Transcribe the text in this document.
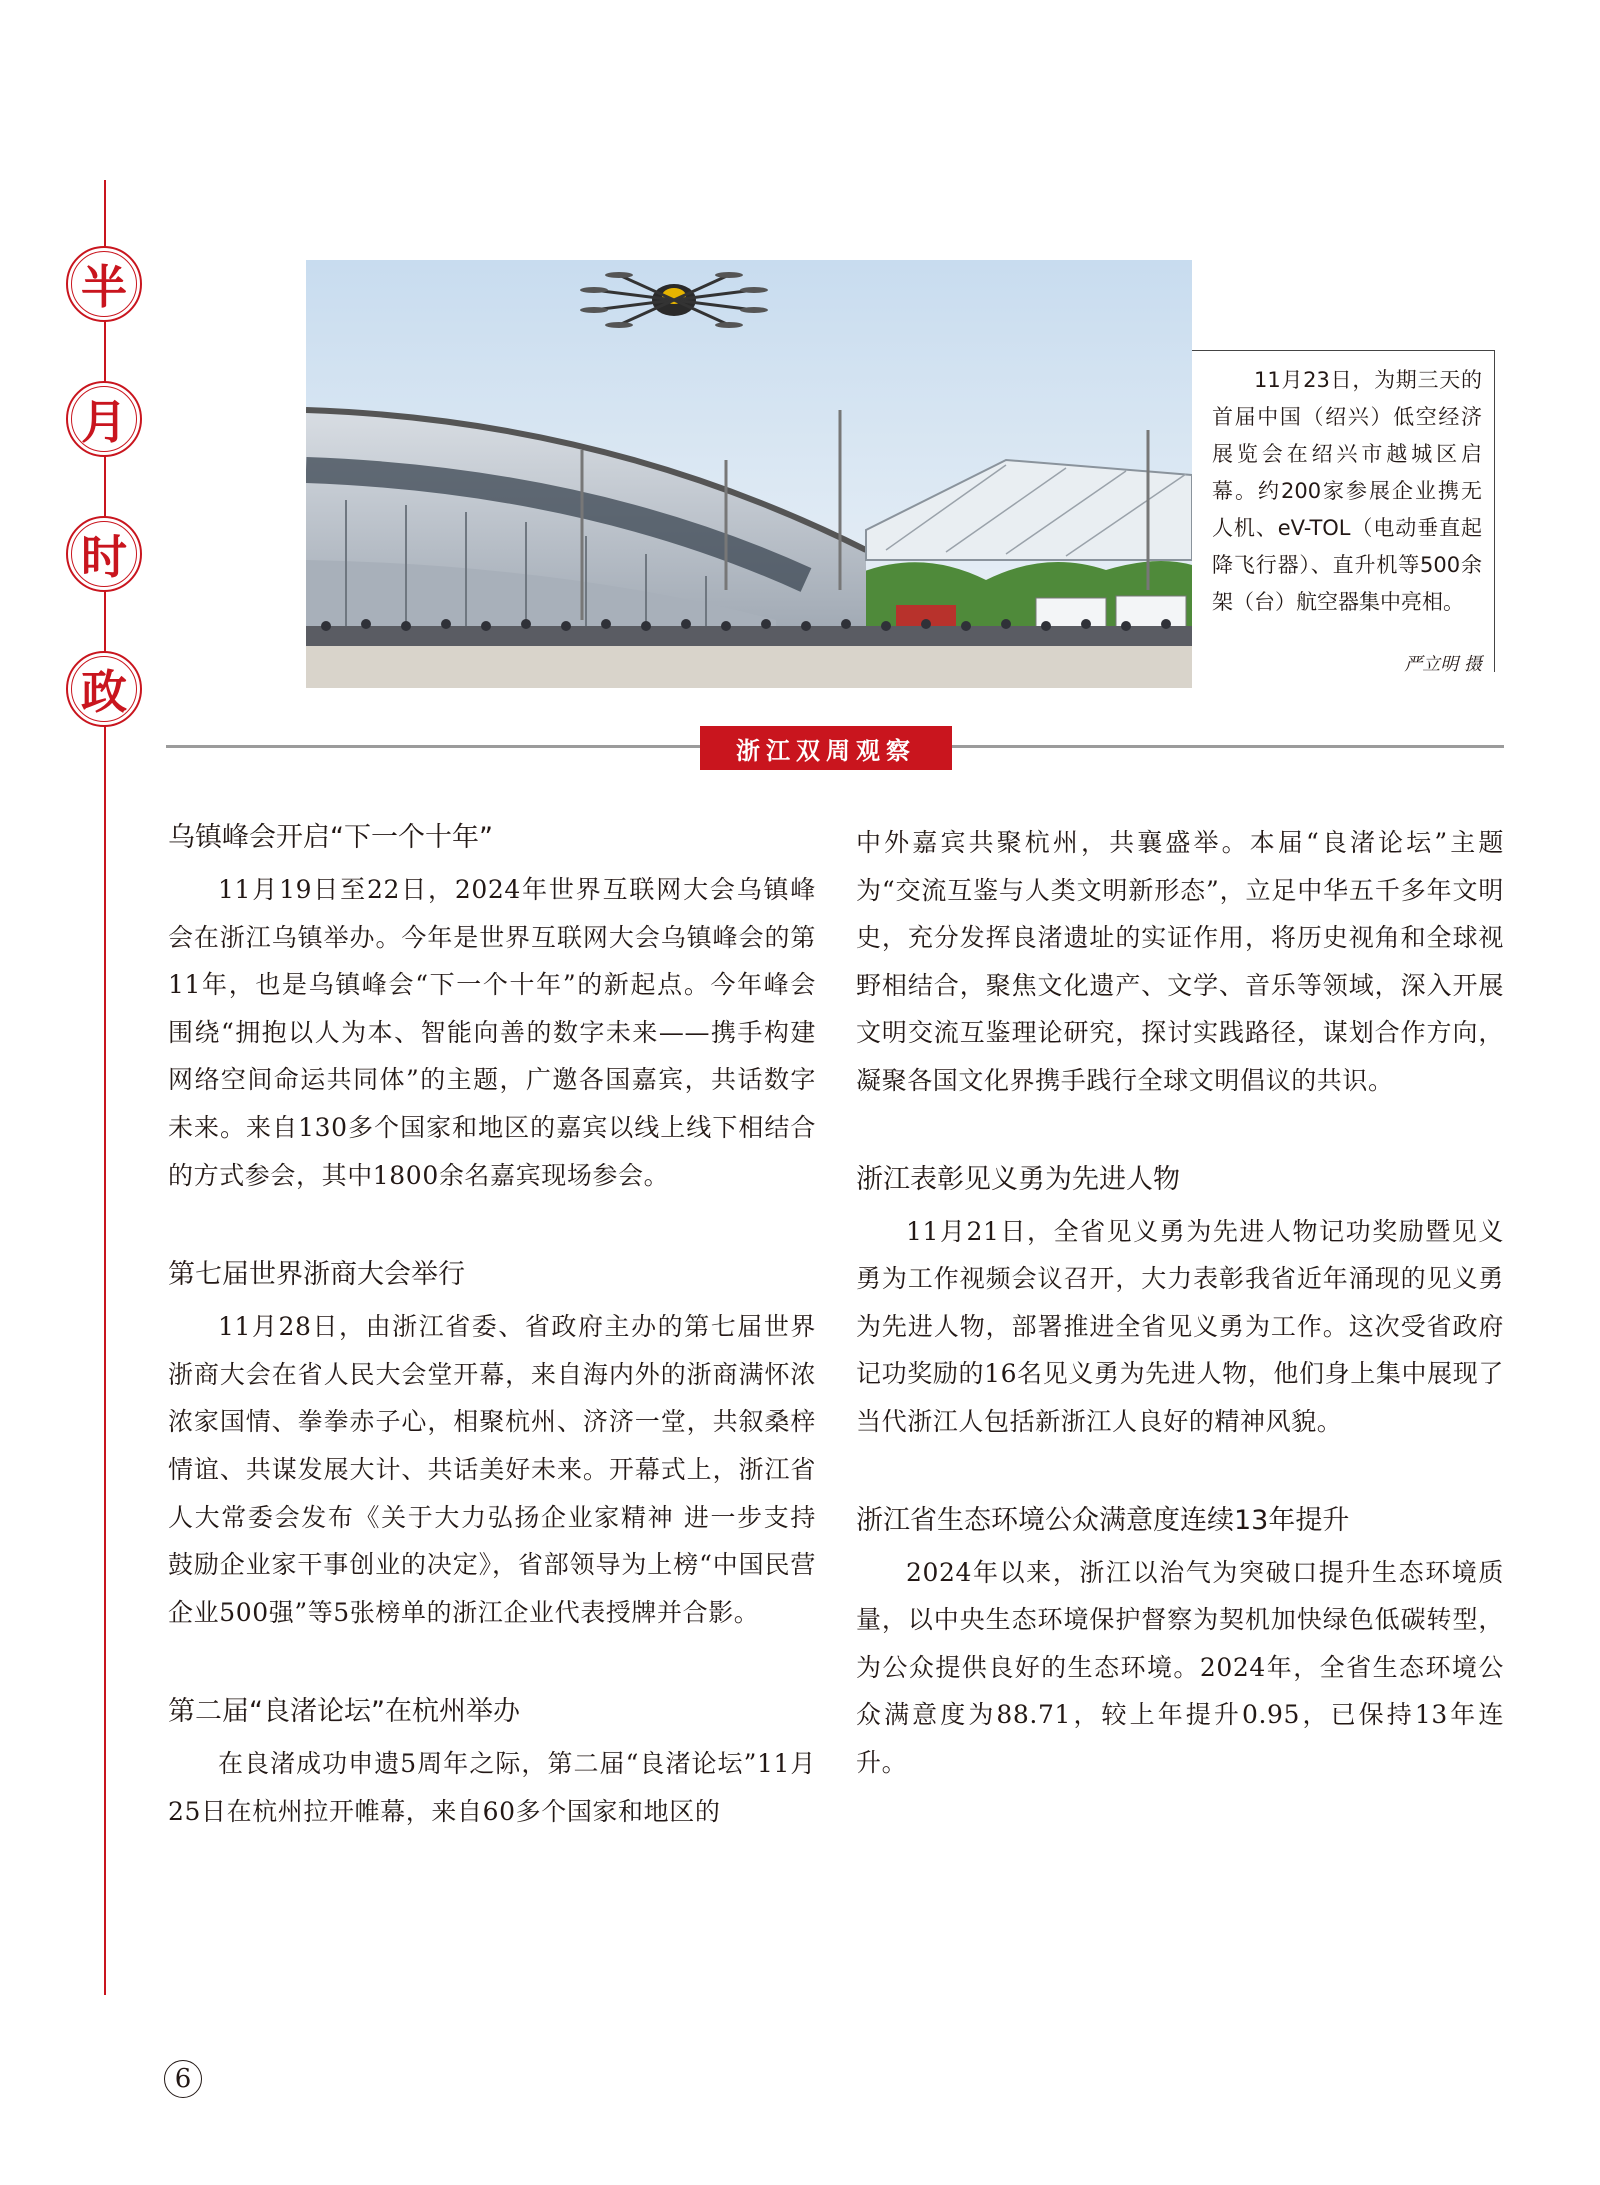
半
月
时
政
11月23日，为期三天的首届中国（绍兴）低空经济展览会在绍兴市越城区启幕。约200家参展企业携无人机、eV-TOL（电动垂直起降飞行器）、直升机等500余架（台）航空器集中亮相。
严立明 摄
浙江双周观察
乌镇峰会开启“下一个十年”

11月19日至22日，2024年世界互联网大会乌镇峰会在浙江乌镇举办。今年是世界互联网大会乌镇峰会的第11年，也是乌镇峰会“下一个十年”的新起点。今年峰会围绕“拥抱以人为本、智能向善的数字未来——携手构建网络空间命运共同体”的主题，广邀各国嘉宾，共话数字未来。来自130多个国家和地区的嘉宾以线上线下相结合的方式参会，其中1800余名嘉宾现场参会。

第七届世界浙商大会举行

11月28日，由浙江省委、省政府主办的第七届世界浙商大会在省人民大会堂开幕，来自海内外的浙商满怀浓浓家国情、拳拳赤子心，相聚杭州、济济一堂，共叙桑梓情谊、共谋发展大计、共话美好未来。开幕式上，浙江省人大常委会发布《关于大力弘扬企业家精神 进一步支持鼓励企业家干事创业的决定》，省部领导为上榜“中国民营企业500强”等5张榜单的浙江企业代表授牌并合影。

第二届“良渚论坛”在杭州举办

在良渚成功申遗5周年之际，第二届“良渚论坛”11月25日在杭州拉开帷幕，来自60多个国家和地区的

中外嘉宾共聚杭州，共襄盛举。本届“良渚论坛”主题为“交流互鉴与人类文明新形态”，立足中华五千多年文明史，充分发挥良渚遗址的实证作用，将历史视角和全球视野相结合，聚焦文化遗产、文学、音乐等领域，深入开展文明交流互鉴理论研究，探讨实践路径，谋划合作方向，凝聚各国文化界携手践行全球文明倡议的共识。

浙江表彰见义勇为先进人物

11月21日，全省见义勇为先进人物记功奖励暨见义勇为工作视频会议召开，大力表彰我省近年涌现的见义勇为先进人物，部署推进全省见义勇为工作。这次受省政府记功奖励的16名见义勇为先进人物，他们身上集中展现了当代浙江人包括新浙江人良好的精神风貌。

浙江省生态环境公众满意度连续13年提升

2024年以来，浙江以治气为突破口提升生态环境质量，以中央生态环境保护督察为契机加快绿色低碳转型，为公众提供良好的生态环境。2024年，全省生态环境公众满意度为88.71，较上年提升0.95，已保持13年连升。

6
